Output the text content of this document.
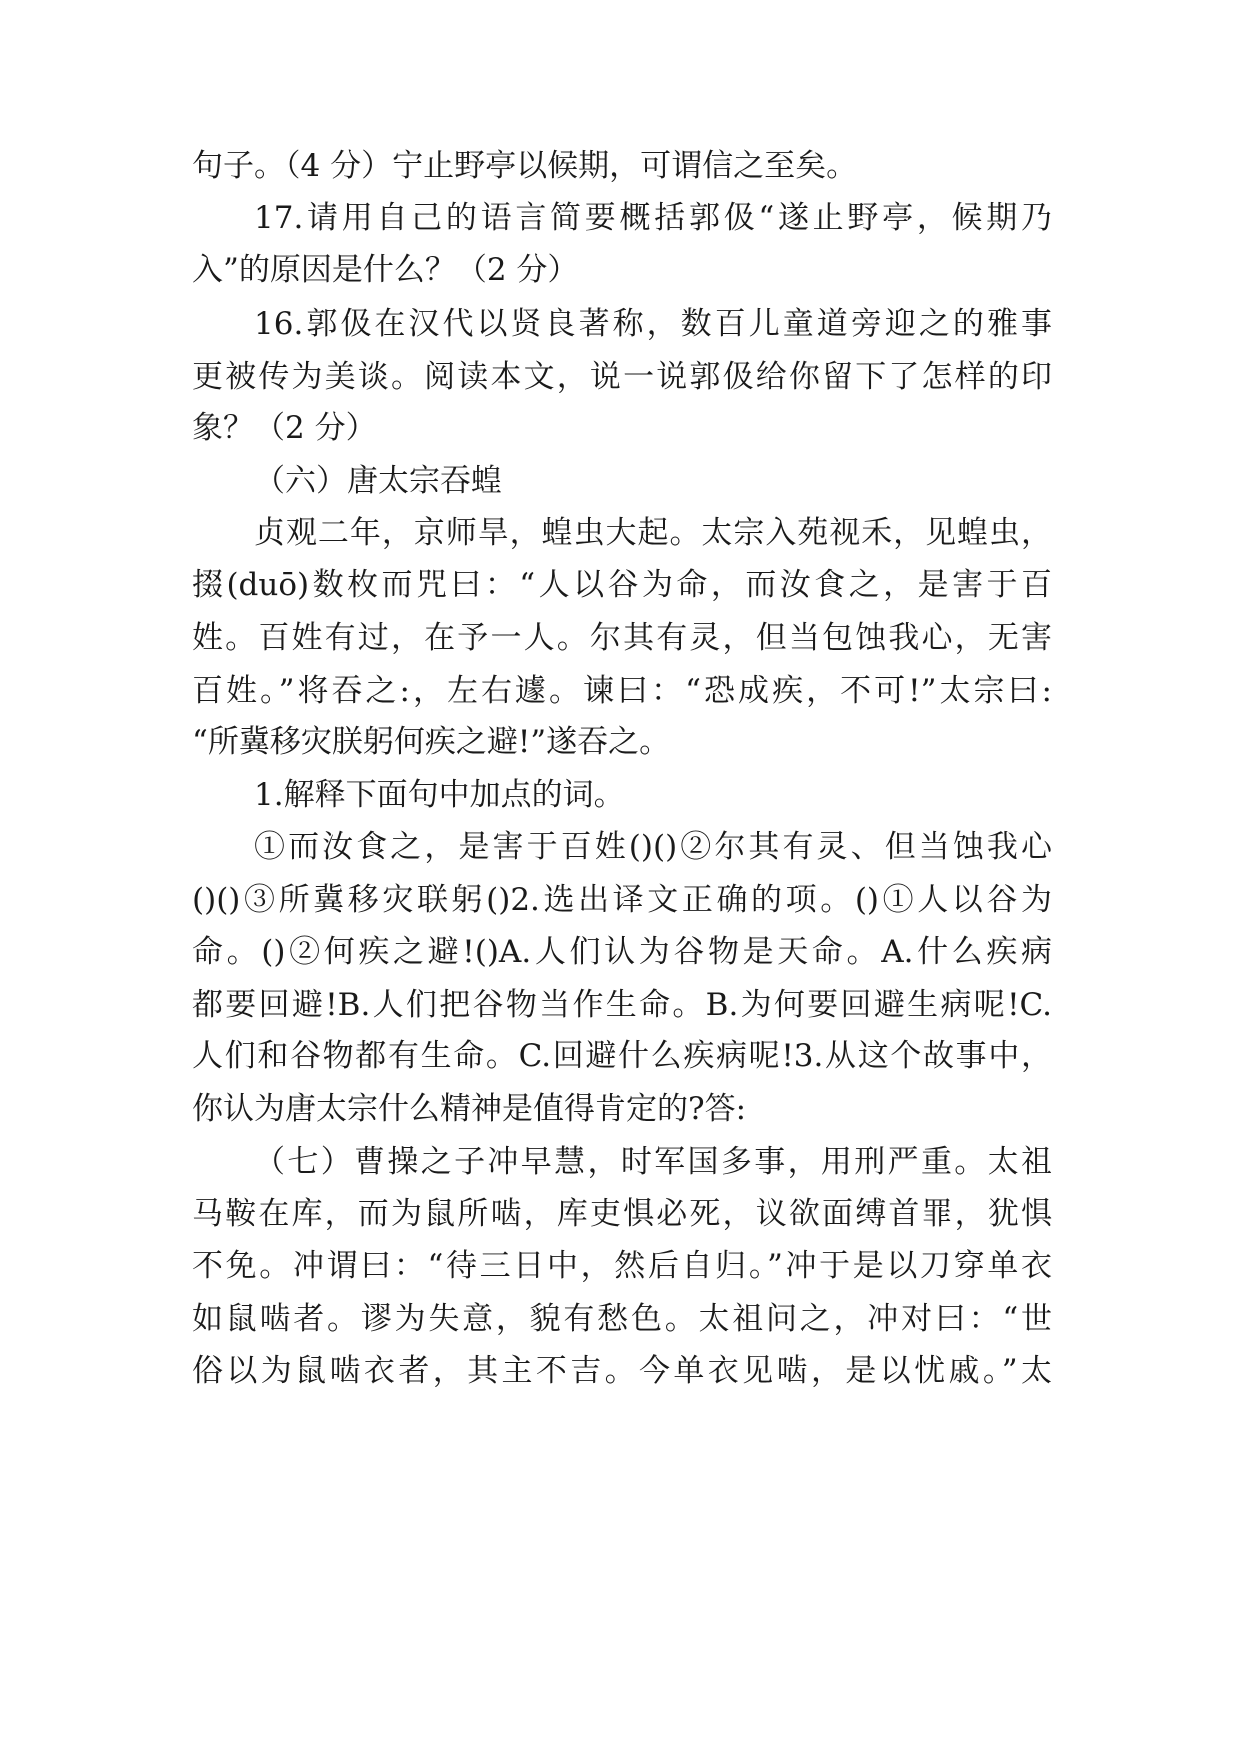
句子。（4 分）宁止野亭以候期，可谓信之至矣。
17.请用自己的语言简要概括郭伋“遂止野亭，候期乃
入”的原因是什么？（2 分）
16.郭伋在汉代以贤良著称，数百儿童道旁迎之的雅事
更被传为美谈。阅读本文，说一说郭伋给你留下了怎样的印
象？（2 分）
（六）唐太宗吞蝗
贞观二年，京师旱，蝗虫大起。太宗入苑视禾，见蝗虫，
掇(duō)数枚而咒曰：“人以谷为命，而汝食之，是害于百
姓。百姓有过，在予一人。尔其有灵，但当包蚀我心，无害
百姓。”将吞之:，左右遽。谏曰：“恐成疾，不可!”太宗曰:
“所冀移灾朕躬何疾之避!”遂吞之。
1.解释下面句中加点的词。
①而汝食之，是害于百姓()()②尔其有灵、但当蚀我心
()()③所冀移灾联躬()2.选出译文正确的项。()①人以谷为
命。()②何疾之避!()A.人们认为谷物是天命。A.什么疾病
都要回避!B.人们把谷物当作生命。B.为何要回避生病呢!C.
人们和谷物都有生命。C.回避什么疾病呢!3.从这个故事中，
你认为唐太宗什么精神是值得肯定的?答:
（七）曹操之子冲早慧，时军国多事，用刑严重。太祖
马鞍在库，而为鼠所啮，库吏惧必死，议欲面缚首罪，犹惧
不免。冲谓曰：“待三日中，然后自归。”冲于是以刀穿单衣
如鼠啮者。谬为失意，貌有愁色。太祖问之，冲对曰：“世
俗以为鼠啮衣者，其主不吉。今单衣见啮，是以忧戚。”太
